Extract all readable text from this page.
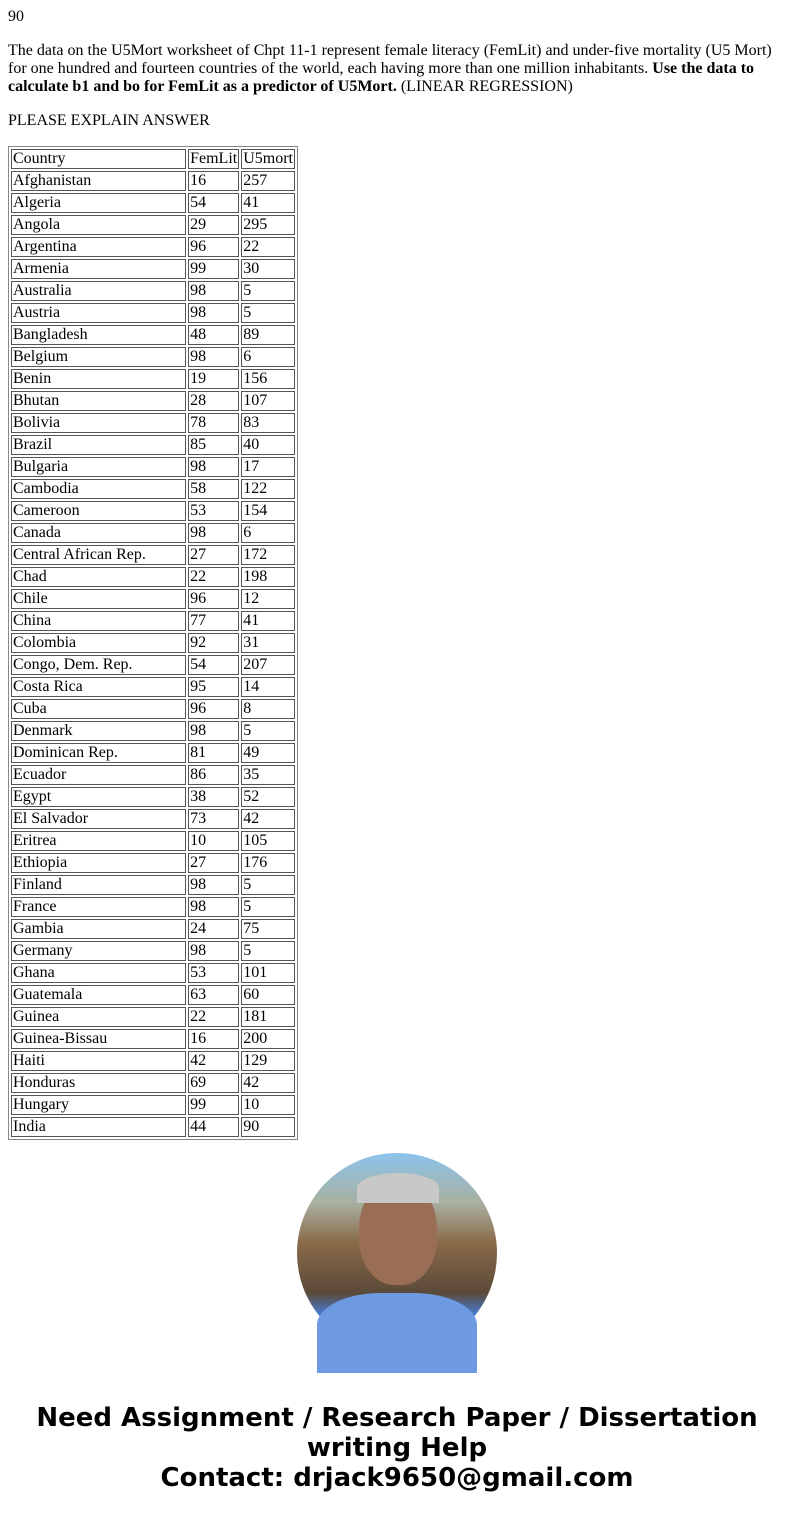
90

The data on the U5Mort worksheet of Chpt 11-1 represent female literacy (FemLit) and under-five mortality (U5 Mort) for one hundred and fourteen countries of the world, each having more than one million inhabitants. Use the data to calculate b1 and bo for FemLit as a predictor of U5Mort. (LINEAR REGRESSION)

PLEASE EXPLAIN ANSWER

Country	FemLit	U5mort
Afghanistan	16	257
Algeria	54	41
Angola	29	295
Argentina	96	22
Armenia	99	30
Australia	98	5
Austria	98	5
Bangladesh	48	89
Belgium	98	6
Benin	19	156
Bhutan	28	107
Bolivia	78	83
Brazil	85	40
Bulgaria	98	17
Cambodia	58	122
Cameroon	53	154
Canada	98	6
Central African Rep.	27	172
Chad	22	198
Chile	96	12
China	77	41
Colombia	92	31
Congo, Dem. Rep.	54	207
Costa Rica	95	14
Cuba	96	8
Denmark	98	5
Dominican Rep.	81	49
Ecuador	86	35
Egypt	38	52
El Salvador	73	42
Eritrea	10	105
Ethiopia	27	176
Finland	98	5
France	98	5
Gambia	24	75
Germany	98	5
Ghana	53	101
Guatemala	63	60
Guinea	22	181
Guinea-Bissau	16	200
Haiti	42	129
Honduras	69	42
Hungary	99	10
India	44	90
Need Assignment / Research Paper / Dissertation writing Help
Contact: drjack9650@gmail.com
